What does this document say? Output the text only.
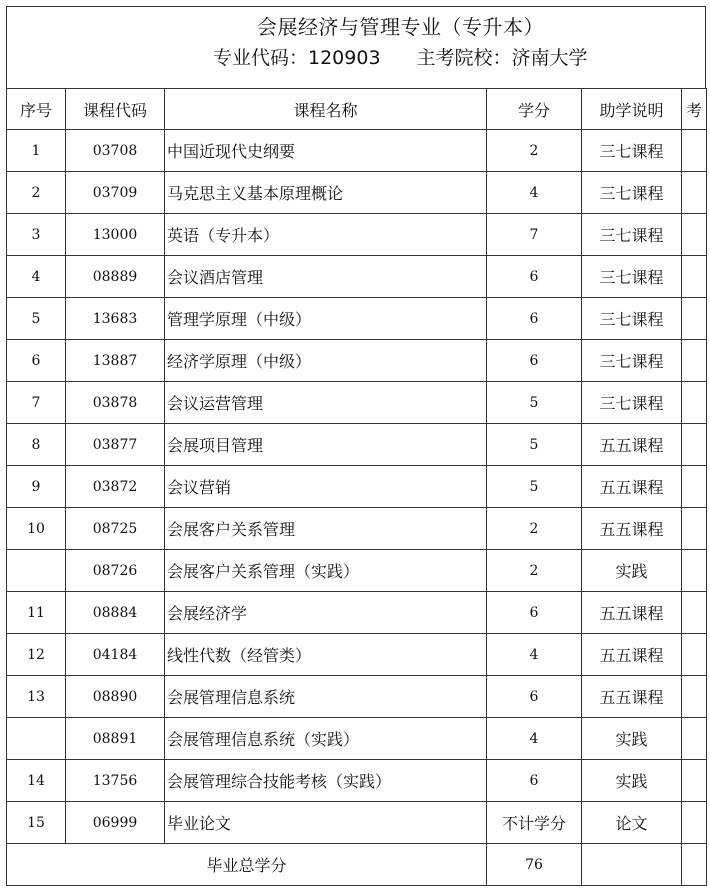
会展经济与管理专业（专升本）
专业代码：120903 主考院校：济南大学
序号	课程代码	课程名称	学分	助学说明	考
1	03708	中国近现代史纲要	2	三七课程	
2	03709	马克思主义基本原理概论	4	三七课程	
3	13000	英语（专升本）	7	三七课程	
4	08889	会议酒店管理	6	三七课程	
5	13683	管理学原理（中级）	6	三七课程	
6	13887	经济学原理（中级）	6	三七课程	
7	03878	会议运营管理	5	三七课程	
8	03877	会展项目管理	5	五五课程	
9	03872	会议营销	5	五五课程	
10	08725	会展客户关系管理	2	五五课程	
	08726	会展客户关系管理（实践）	2	实践	
11	08884	会展经济学	6	五五课程	
12	04184	线性代数（经管类）	4	五五课程	
13	08890	会展管理信息系统	6	五五课程	
	08891	会展管理信息系统（实践）	4	实践	
14	13756	会展管理综合技能考核（实践）	6	实践	
15	06999	毕业论文	不计学分	论文	
毕业总学分			76		
